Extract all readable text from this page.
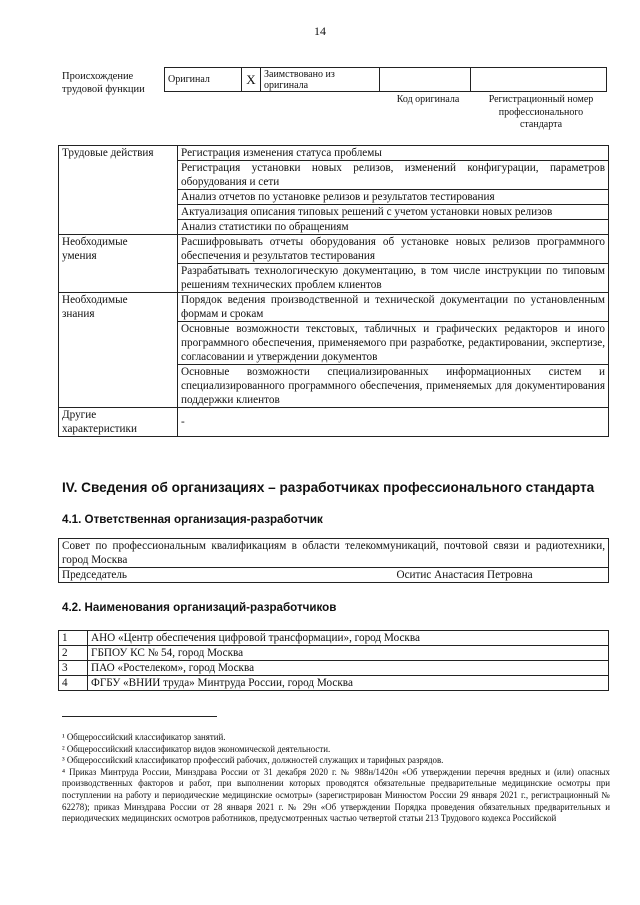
14
Происхождение
трудовой функции
Оригинал	X	Заимствовано из
оригинала

Код оригинала	Регистрационный номер
профессионального
стандарта
Трудовые действия	Регистрация изменения статуса проблемы
	Регистрация установки новых релизов, изменений конфигурации, параметров оборудования и сети
	Анализ отчетов по установке релизов и результатов тестирования
	Актуализация описания типовых решений с учетом установки новых релизов
	Анализ статистики по обращениям

Необходимые
умения	Расшифровывать отчеты оборудования об установке новых релизов программного обеспечения и результатов тестирования
	Разрабатывать технологическую документацию, в том числе инструкции по типовым решениям технических проблем клиентов

Необходимые
знания	Порядок ведения производственной и технической документации по установленным формам и срокам
	Основные возможности текстовых, табличных и графических редакторов и иного программного обеспечения, применяемого при разработке, редактировании, экспертизе, согласовании и утверждении документов
	Основные возможности специализированных информационных систем и специализированного программного обеспечения, применяемых для документирования поддержки клиентов

Другие
характеристики	-
IV. Сведения об организациях – разработчиках профессионального стандарта
4.1. Ответственная организация-разработчик
Совет по профессиональным квалификациям в области телекоммуникаций, почтовой связи и радиотехники, город Москва
Председатель	Оситис Анастасия Петровна
4.2. Наименования организаций-разработчиков
1	АНО «Центр обеспечения цифровой трансформации», город Москва
2	ГБПОУ КС № 54, город Москва
3	ПАО «Ростелеком», город Москва
4	ФГБУ «ВНИИ труда» Минтруда России, город Москва

¹ Общероссийский классификатор занятий.

² Общероссийский классификатор видов экономической деятельности.

³ Общероссийский классификатор профессий рабочих, должностей служащих и тарифных разрядов.

⁴ Приказ Минтруда России, Минздрава России от 31 декабря 2020 г. № 988н/1420н «Об утверждении перечня вредных и (или) опасных производственных факторов и работ, при выполнении которых проводятся обязательные предварительные медицинские осмотры при поступлении на работу и периодические медицинские осмотры» (зарегистрирован Минюстом России 29 января 2021 г., регистрационный № 62278); приказ Минздрава России от 28 января 2021 г. № 29н «Об утверждении Порядка проведения обязательных предварительных и периодических медицинских осмотров работников, предусмотренных частью четвертой статьи 213 Трудового кодекса Российской
